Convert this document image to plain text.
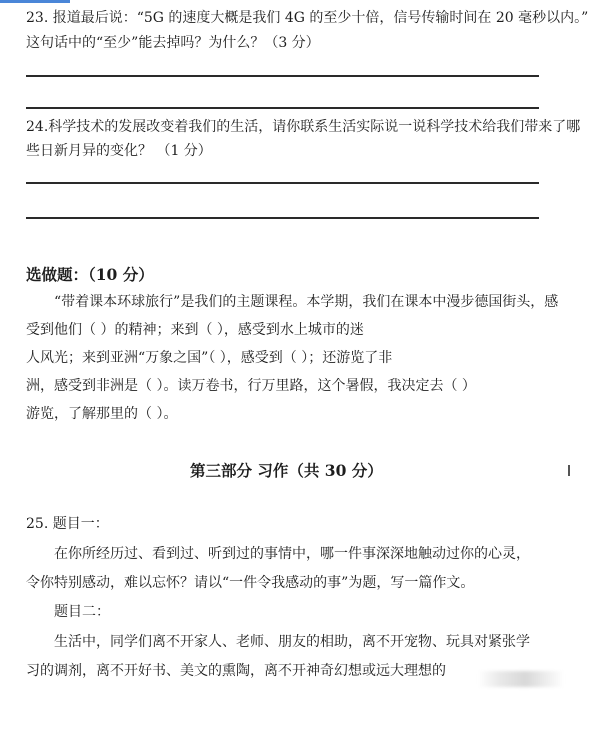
23. 报道最后说：“5G 的速度大概是我们 4G 的至少十倍，信号传输时间在 20 毫秒以内。”
这句话中的“至少”能去掉吗？为什么？（3 分）
24.科学技术的发展改变着我们的生活，请你联系生活实际说一说科学技术给我们带来了哪
些日新月异的变化？ （1 分）
选做题：（10 分）
“带着课本环球旅行”是我们的主题课程。本学期，我们在课本中漫步德国街头，感
受到他们（ ）的精神；来到（ ），感受到水上城市的迷
人风光；来到亚洲“万象之国”（ ），感受到（ ）；还游览了非
洲，感受到非洲是（ ）。读万卷书，行万里路，这个暑假，我决定去（ ）
游览，了解那里的（ ）。
第三部分 习作（共 30 分）
25. 题目一：
在你所经历过、看到过、听到过的事情中，哪一件事深深地触动过你的心灵，
令你特别感动，难以忘怀？请以“一件令我感动的事”为题，写一篇作文。
题目二：
生活中，同学们离不开家人、老师、朋友的相助，离不开宠物、玩具对紧张学
习的调剂，离不开好书、美文的熏陶，离不开神奇幻想或远大理想的
